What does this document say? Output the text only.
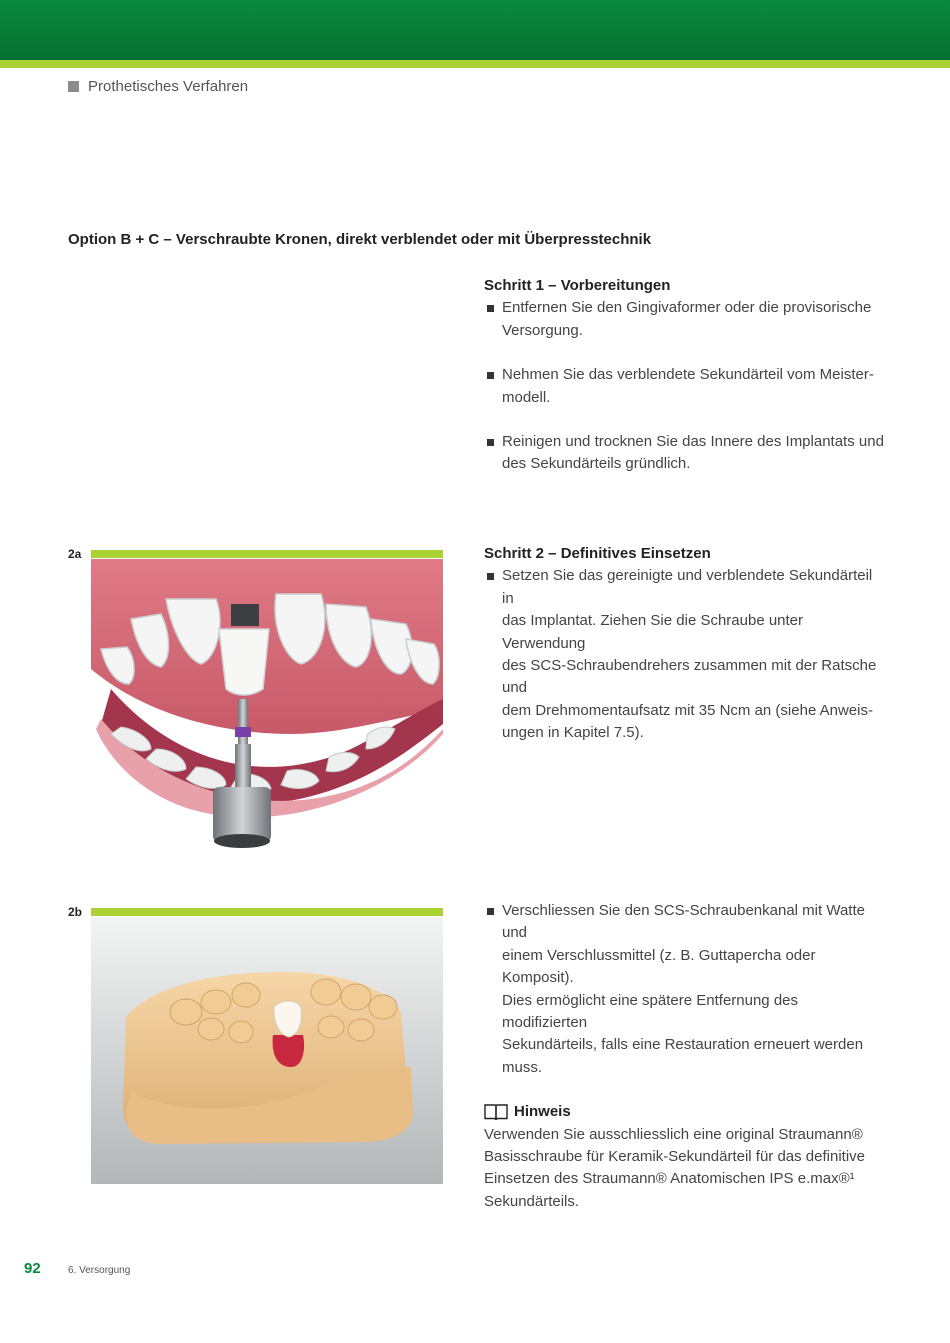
Prothetisches Verfahren
Option B + C – Verschraubte Kronen, direkt verblendet oder mit Überpresstechnik
Schritt 1 – Vorbereitungen
Entfernen Sie den Gingivaformer oder die provisorische
Versorgung.
Nehmen Sie das verblendete Sekundärteil vom Meister-
modell.
Reinigen und trocknen Sie das Innere des Implantats und
des Sekundärteils gründlich.
2a	Schritt 2 – Definitives Einsetzen
Setzen Sie das gereinigte und verblendete Sekundärteil in
das Implantat. Ziehen Sie die Schraube unter Verwendung
des SCS-Schraubendrehers zusammen mit der Ratsche und
dem Drehmomentaufsatz mit 35 Ncm an (siehe Anweis-
ungen in Kapitel 7.5).
2b	Verschliessen Sie den SCS-Schraubenkanal mit Watte und
einem Verschlussmittel (z. B. Guttapercha oder Komposit).
Dies ermöglicht eine spätere Entfernung des modifizierten
Sekundärteils, falls eine Restauration erneuert werden
muss.
Hinweis
Verwenden Sie ausschliesslich eine original Straumann®
Basisschraube für Keramik-Sekundärteil für das definitive
Einsetzen des Straumann® Anatomischen IPS e.max®¹
Sekundärteils.
92	6. Versorgung
